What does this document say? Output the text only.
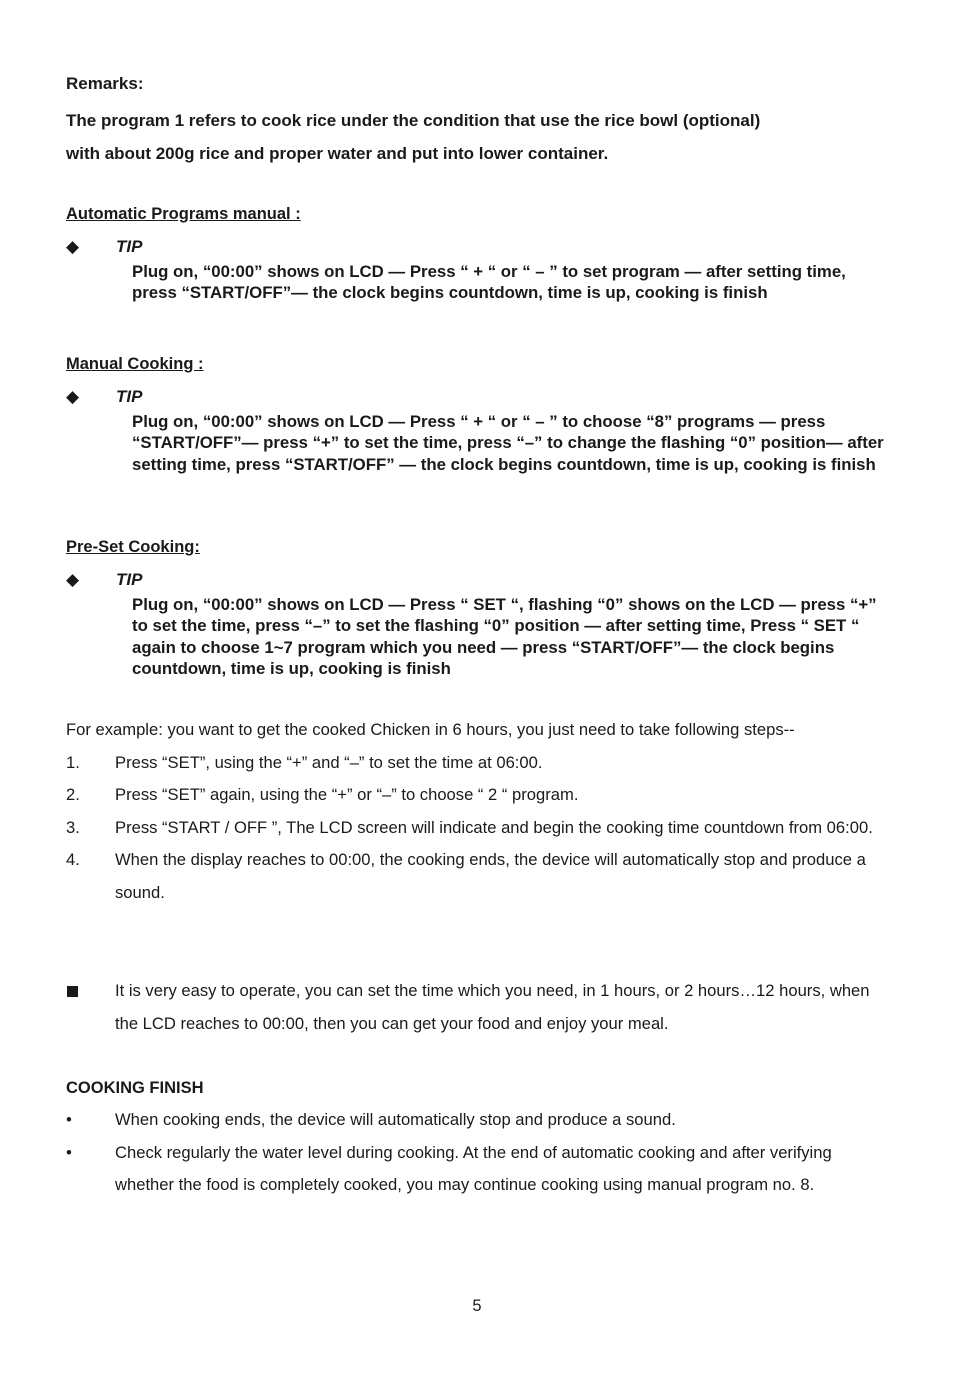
Remarks:
The program 1 refers to cook rice under the condition that use the rice bowl (optional)
with about 200g rice and proper water and put into lower container.
Automatic Programs manual :
◆ TIP
Plug on, “00:00” shows on LCD — Press “ + “ or “ – ” to set program — after setting time, press “START/OFF”— the clock begins countdown, time is up, cooking is finish
Manual Cooking :
◆ TIP
Plug on, “00:00” shows on LCD — Press “ + “ or “ – ” to choose “8” programs — press “START/OFF”— press “+” to set the time, press “–” to change the flashing “0” position— after setting time, press “START/OFF” — the clock begins countdown, time is up, cooking is finish
Pre-Set Cooking:
◆ TIP
Plug on, “00:00” shows on LCD — Press “ SET “, flashing “0” shows on the LCD — press “+” to set the time, press “–” to set the flashing “0” position — after setting time, Press “ SET “ again to choose 1~7 program which you need — press “START/OFF”— the clock begins countdown, time is up, cooking is finish
For example: you want to get the cooked Chicken in 6 hours, you just need to take following steps--
1. Press “SET”, using the “+” and “–” to set the time at 06:00.
2. Press “SET” again, using the “+” or “–” to choose “ 2 “ program.
3. Press “START / OFF ”, The LCD screen will indicate and begin the cooking time countdown from 06:00.
4. When the display reaches to 00:00, the cooking ends, the device will automatically stop and produce a sound.
It is very easy to operate, you can set the time which you need, in 1 hours, or 2 hours…12 hours, when the LCD reaches to 00:00, then you can get your food and enjoy your meal.
COOKING FINISH
•	When cooking ends, the device will automatically stop and produce a sound.
•	Check regularly the water level during cooking. At the end of automatic cooking and after verifying whether the food is completely cooked, you may continue cooking using manual program no. 8.
5
